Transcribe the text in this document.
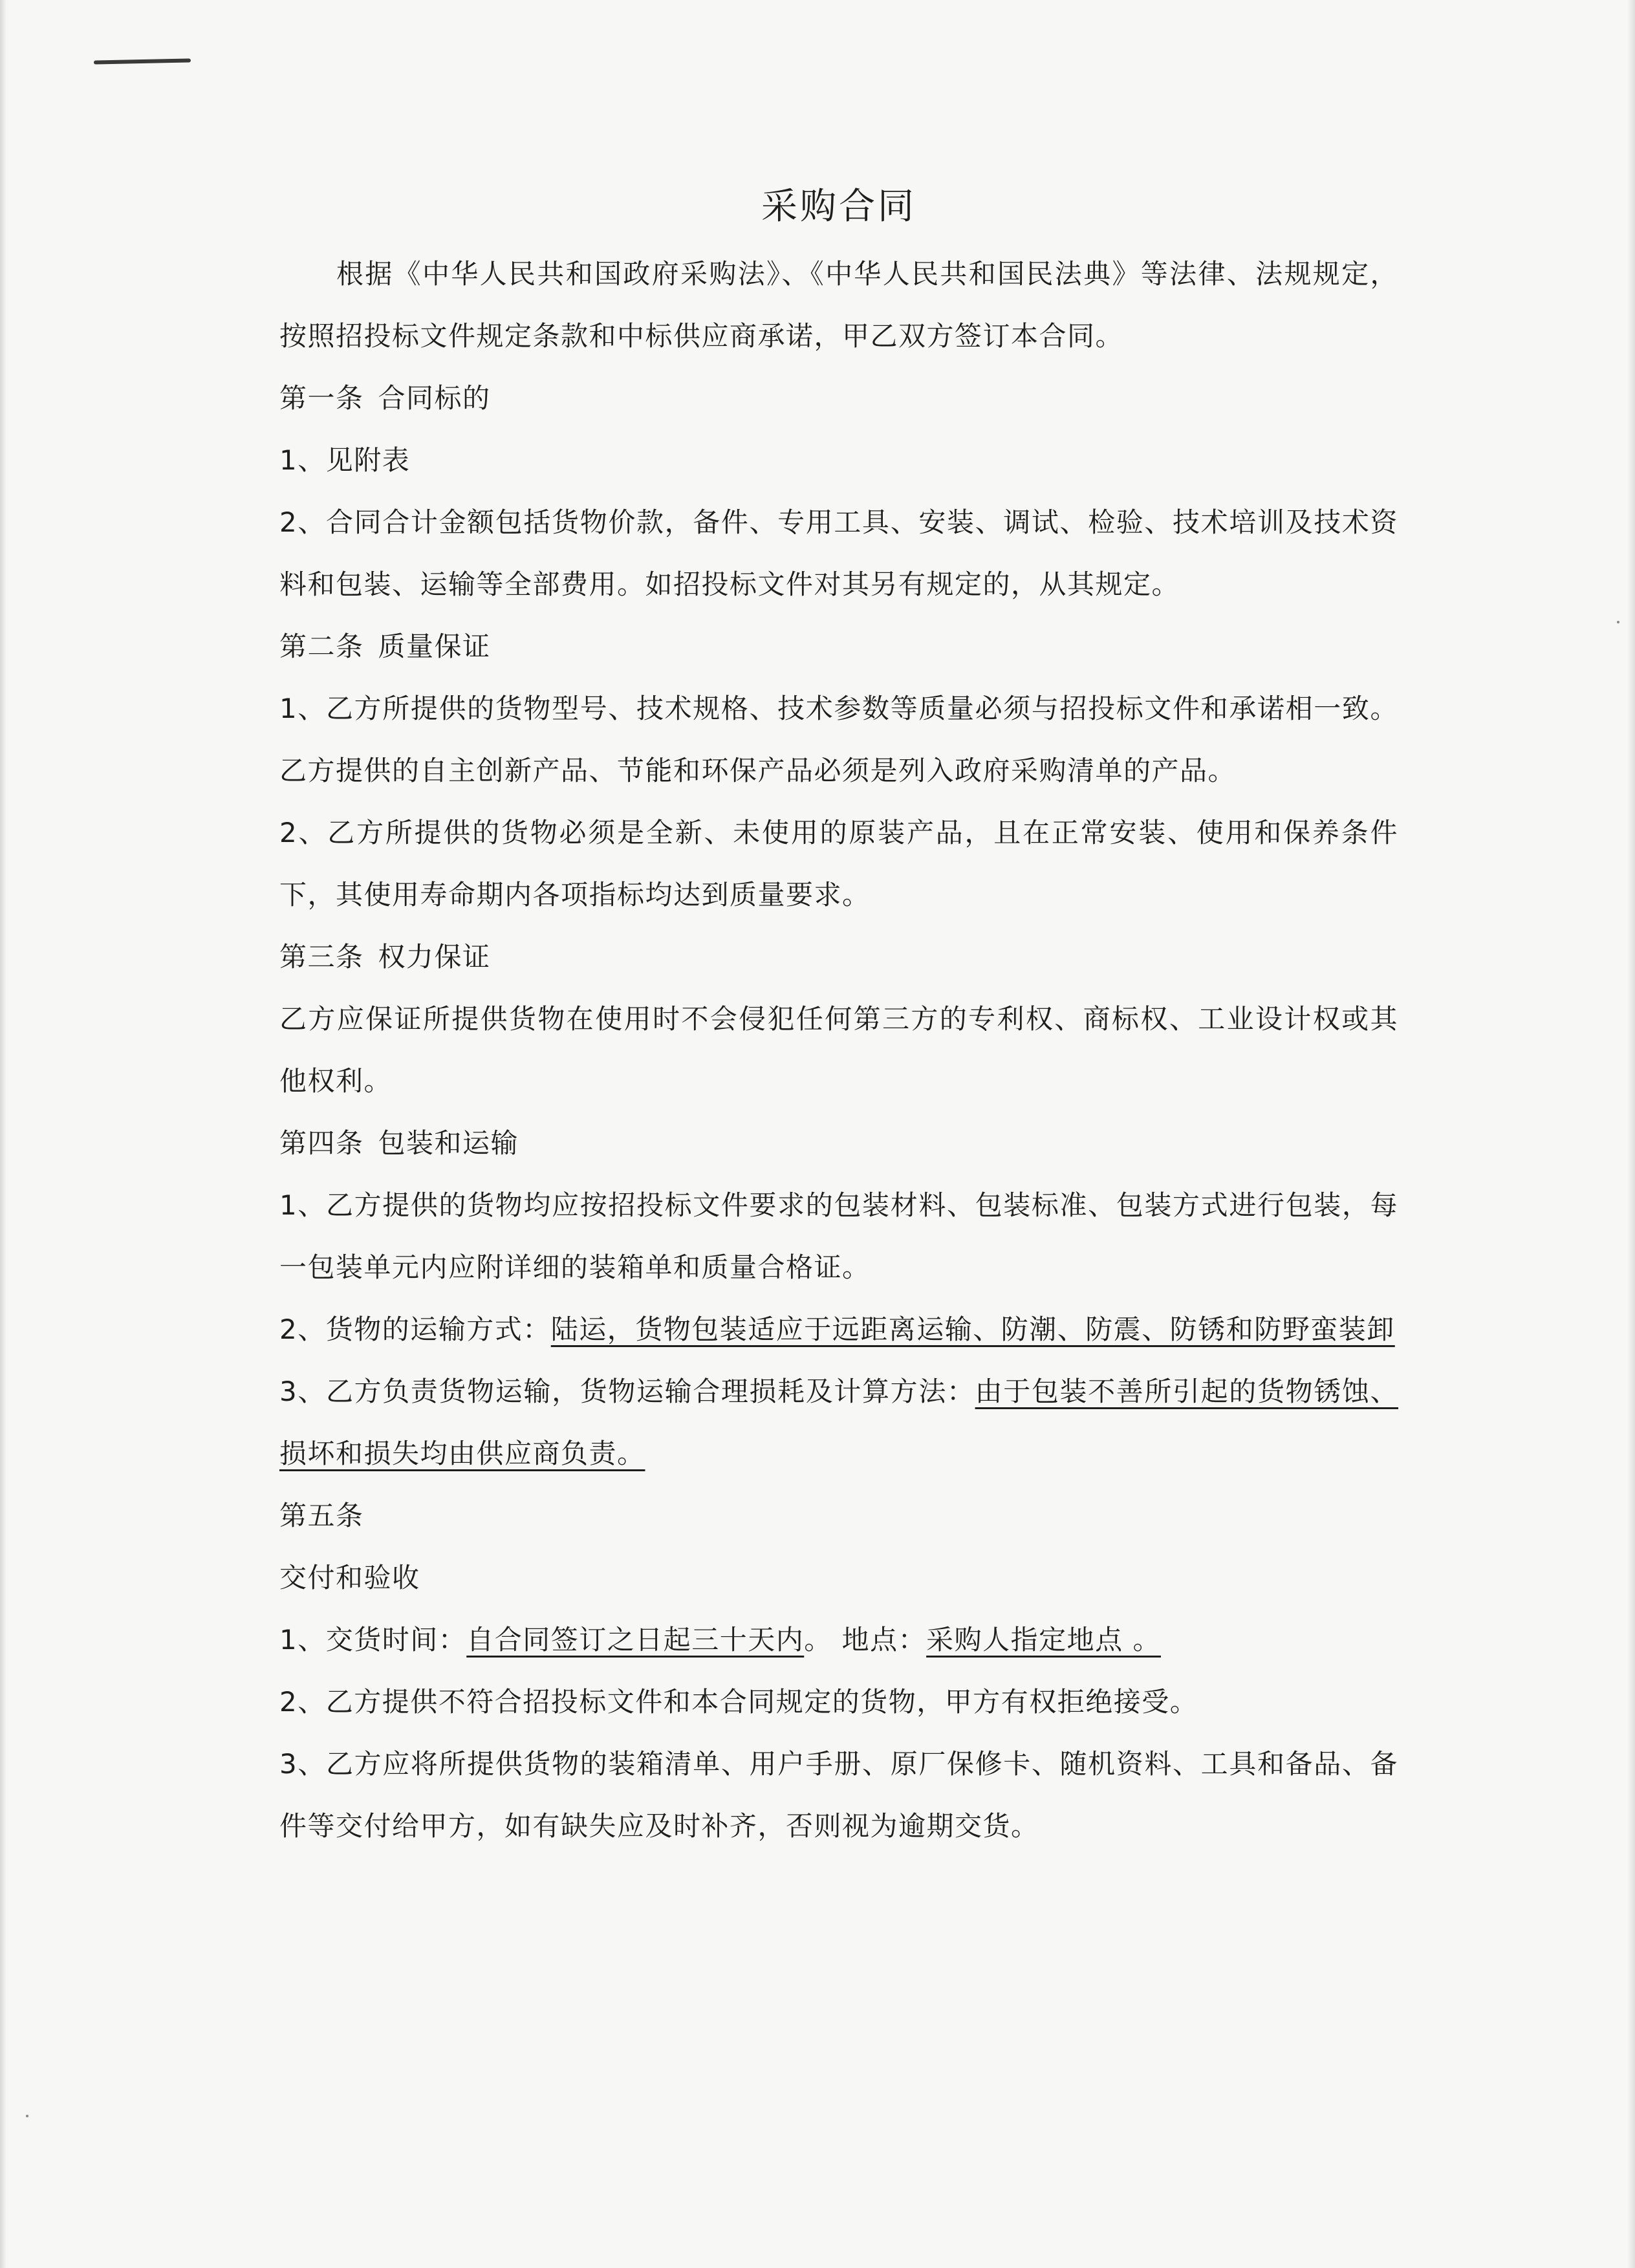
采购合同

根据《中华人民共和国政府采购法》、《中华人民共和国民法典》等法律、法规规定，按照招投标文件规定条款和中标供应商承诺，甲乙双方签订本合同。

第一条 合同标的

1、见附表

2、合同合计金额包括货物价款，备件、专用工具、安装、调试、检验、技术培训及技术资料和包装、运输等全部费用。如招投标文件对其另有规定的，从其规定。

第二条 质量保证

1、乙方所提供的货物型号、技术规格、技术参数等质量必须与招投标文件和承诺相一致。乙方提供的自主创新产品、节能和环保产品必须是列入政府采购清单的产品。

2、乙方所提供的货物必须是全新、未使用的原装产品，且在正常安装、使用和保养条件下，其使用寿命期内各项指标均达到质量要求。

第三条 权力保证

乙方应保证所提供货物在使用时不会侵犯任何第三方的专利权、商标权、工业设计权或其他权利。

第四条 包装和运输

1、乙方提供的货物均应按招投标文件要求的包装材料、包装标准、包装方式进行包装，每一包装单元内应附详细的装箱单和质量合格证。

2、货物的运输方式：陆运，货物包装适应于远距离运输、防潮、防震、防锈和防野蛮装卸

3、乙方负责货物运输，货物运输合理损耗及计算方法：由于包装不善所引起的货物锈蚀、损坏和损失均由供应商负责。

第五条
交付和验收

1、交货时间：自合同签订之日起三十天内。 地点：采购人指定地点 。

2、乙方提供不符合招投标文件和本合同规定的货物，甲方有权拒绝接受。

3、乙方应将所提供货物的装箱清单、用户手册、原厂保修卡、随机资料、工具和备品、备件等交付给甲方，如有缺失应及时补齐，否则视为逾期交货。
